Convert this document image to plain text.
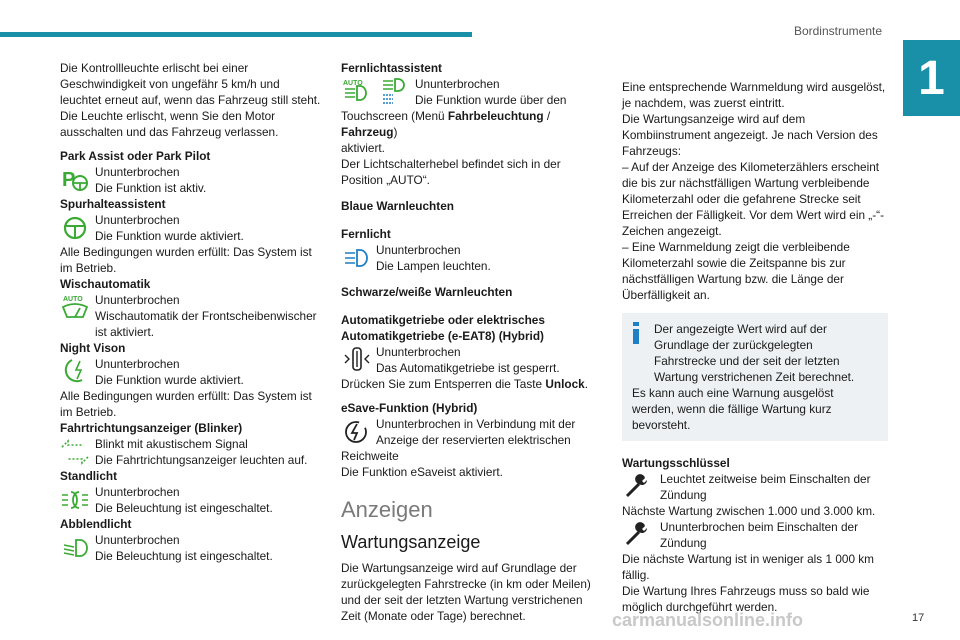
Bordinstrumente
1

Die Kontrollleuchte erlischt bei einer Geschwindigkeit von ungefähr 5 km/h und leuchtet erneut auf, wenn das Fahrzeug still steht. Die Leuchte erlischt, wenn Sie den Motor ausschalten und das Fahrzeug verlassen.

Park Assist oder Park Pilot

P Ununterbrochen

Die Funktion ist aktiv.

Spurhalteassistent

Ununterbrochen

Die Funktion wurde aktiviert.

Alle Bedingungen wurden erfüllt: Das System ist im Betrieb.

Wischautomatik

AUTO Ununterbrochen

Wischautomatik der Frontscheibenwischer ist aktiviert.

Night Vison

Ununterbrochen

Die Funktion wurde aktiviert.

Alle Bedingungen wurden erfüllt: Das System ist im Betrieb.

Fahrtrichtungsanzeiger (Blinker)

Blinkt mit akustischem Signal

Die Fahrtrichtungsanzeiger leuchten auf.

Standlicht

Ununterbrochen

Die Beleuchtung ist eingeschaltet.

Abblendlicht

Ununterbrochen

Die Beleuchtung ist eingeschaltet.

Fernlichtassistent

AUTO	Ununterbrochen

Die Funktion wurde über den

Touchscreen (Menü Fahrbeleuchtung / Fahrzeug)

aktiviert.

Der Lichtschalterhebel befindet sich in der Position „AUTO“.

Blaue Warnleuchten

Fernlicht

Ununterbrochen

Die Lampen leuchten.

Schwarze/weiße Warnleuchten

Automatikgetriebe oder elektrisches Automatikgetriebe (e-EAT8) (Hybrid)

Ununterbrochen

Das Automatikgetriebe ist gesperrt.

Drücken Sie zum Entsperren die Taste Unlock.

eSave-Funktion (Hybrid)

Ununterbrochen in Verbindung mit der Anzeige der reservierten elektrischen

Reichweite

Die Funktion eSaveist aktiviert.

Anzeigen
Wartungsanzeige

Die Wartungsanzeige wird auf Grundlage der zurückgelegten Fahrstrecke (in km oder Meilen) und der seit der letzten Wartung verstrichenen Zeit (Monate oder Tage) berechnet.

Eine entsprechende Warnmeldung wird ausgelöst, je nachdem, was zuerst eintritt.

Die Wartungsanzeige wird auf dem Kombiinstrument angezeigt. Je nach Version des Fahrzeugs:

– Auf der Anzeige des Kilometerzählers erscheint die bis zur nächstfälligen Wartung verbleibende Kilometerzahl oder die gefahrene Strecke seit Erreichen der Fälligkeit. Vor dem Wert wird ein „-“-Zeichen angezeigt.

– Eine Warnmeldung zeigt die verbleibende Kilometerzahl sowie die Zeitspanne bis zur nächstfälligen Wartung bzw. die Länge der Überfälligkeit an.

Der angezeigte Wert wird auf der Grundlage der zurückgelegten Fahrstrecke und der seit der letzten Wartung verstrichenen Zeit berechnet.

Es kann auch eine Warnung ausgelöst werden, wenn die fällige Wartung kurz bevorsteht.

Wartungsschlüssel

Leuchtet zeitweise beim Einschalten der Zündung

Nächste Wartung zwischen 1.000 und 3.000 km.

Ununterbrochen beim Einschalten der Zündung

Die nächste Wartung ist in weniger als 1 000 km fällig.

Die Wartung Ihres Fahrzeugs muss so bald wie möglich durchgeführt werden.

17
carmanualsonline.info
